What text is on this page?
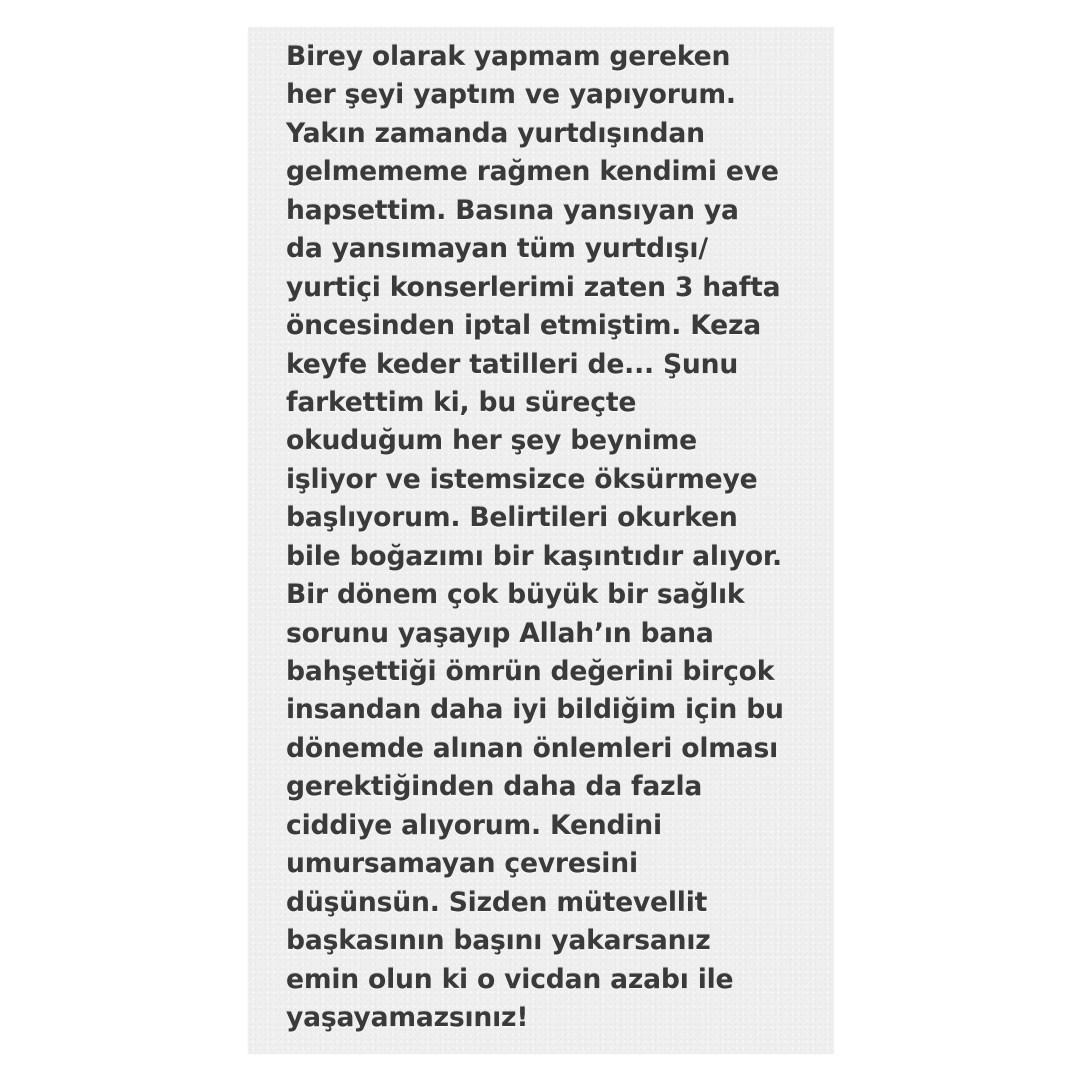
Birey olarak yapmam gereken
her şeyi yaptım ve yapıyorum.
Yakın zamanda yurtdışından
gelmememe rağmen kendimi eve
hapsettim. Basına yansıyan ya
da yansımayan tüm yurtdışı/
yurtiçi konserlerimi zaten 3 hafta
öncesinden iptal etmiştim. Keza
keyfe keder tatilleri de... Şunu
farkettim ki, bu süreçte
okuduğum her şey beynime
işliyor ve istemsizce öksürmeye
başlıyorum. Belirtileri okurken
bile boğazımı bir kaşıntıdır alıyor.
Bir dönem çok büyük bir sağlık
sorunu yaşayıp Allah’ın bana
bahşettiği ömrün değerini birçok
insandan daha iyi bildiğim için bu
dönemde alınan önlemleri olması
gerektiğinden daha da fazla
ciddiye alıyorum. Kendini
umursamayan çevresini
düşünsün. Sizden mütevellit
başkasının başını yakarsanız
emin olun ki o vicdan azabı ile
yaşayamazsınız!
